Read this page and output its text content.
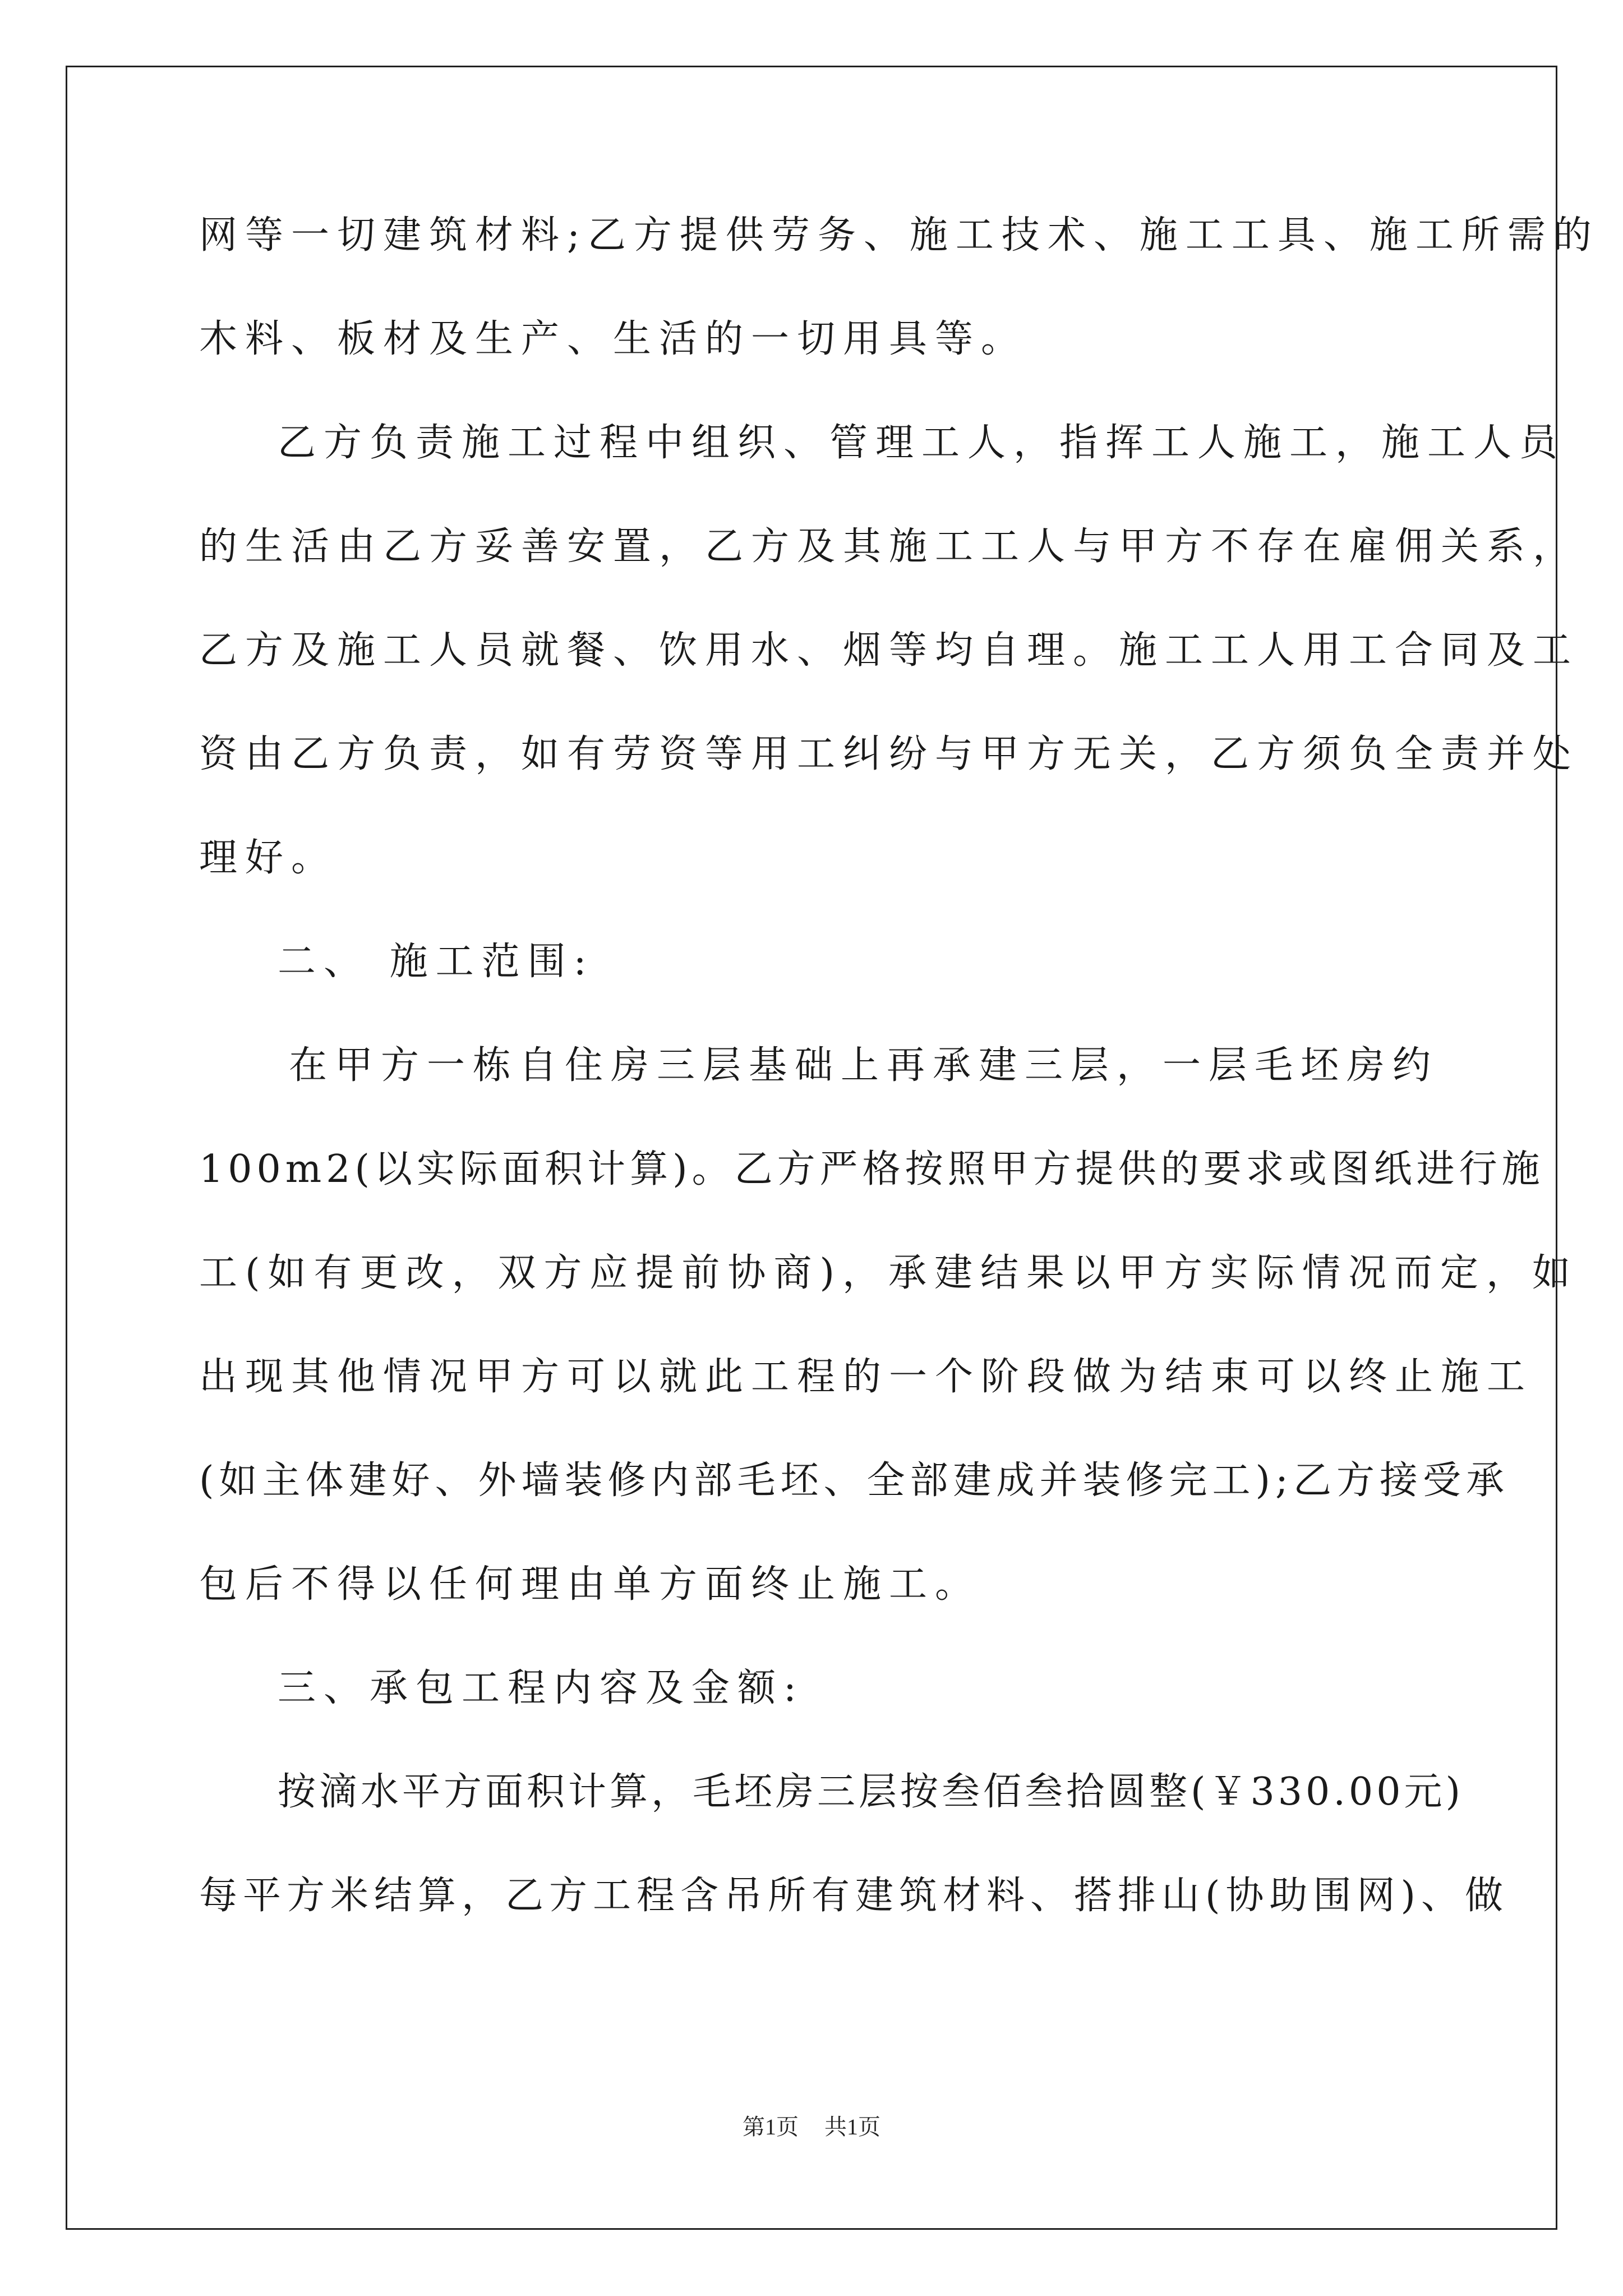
网等一切建筑材料;乙方提供劳务、施工技术、施工工具、施工所需的
木料、板材及生产、生活的一切用具等。
乙方负责施工过程中组织、管理工人，指挥工人施工，施工人员
的生活由乙方妥善安置，乙方及其施工工人与甲方不存在雇佣关系，
乙方及施工人员就餐、饮用水、烟等均自理。施工工人用工合同及工
资由乙方负责，如有劳资等用工纠纷与甲方无关，乙方须负全责并处
理好。
二、 施工范围:
在甲方一栋自住房三层基础上再承建三层，一层毛坯房约
100m2(以实际面积计算)。乙方严格按照甲方提供的要求或图纸进行施
工(如有更改，双方应提前协商)，承建结果以甲方实际情况而定，如
出现其他情况甲方可以就此工程的一个阶段做为结束可以终止施工
(如主体建好、外墙装修内部毛坯、全部建成并装修完工);乙方接受承
包后不得以任何理由单方面终止施工。
三、承包工程内容及金额:
按滴水平方面积计算，毛坯房三层按叁佰叁拾圆整(￥330.00元)
每平方米结算，乙方工程含吊所有建筑材料、搭排山(协助围网)、做
第1页 共1页
